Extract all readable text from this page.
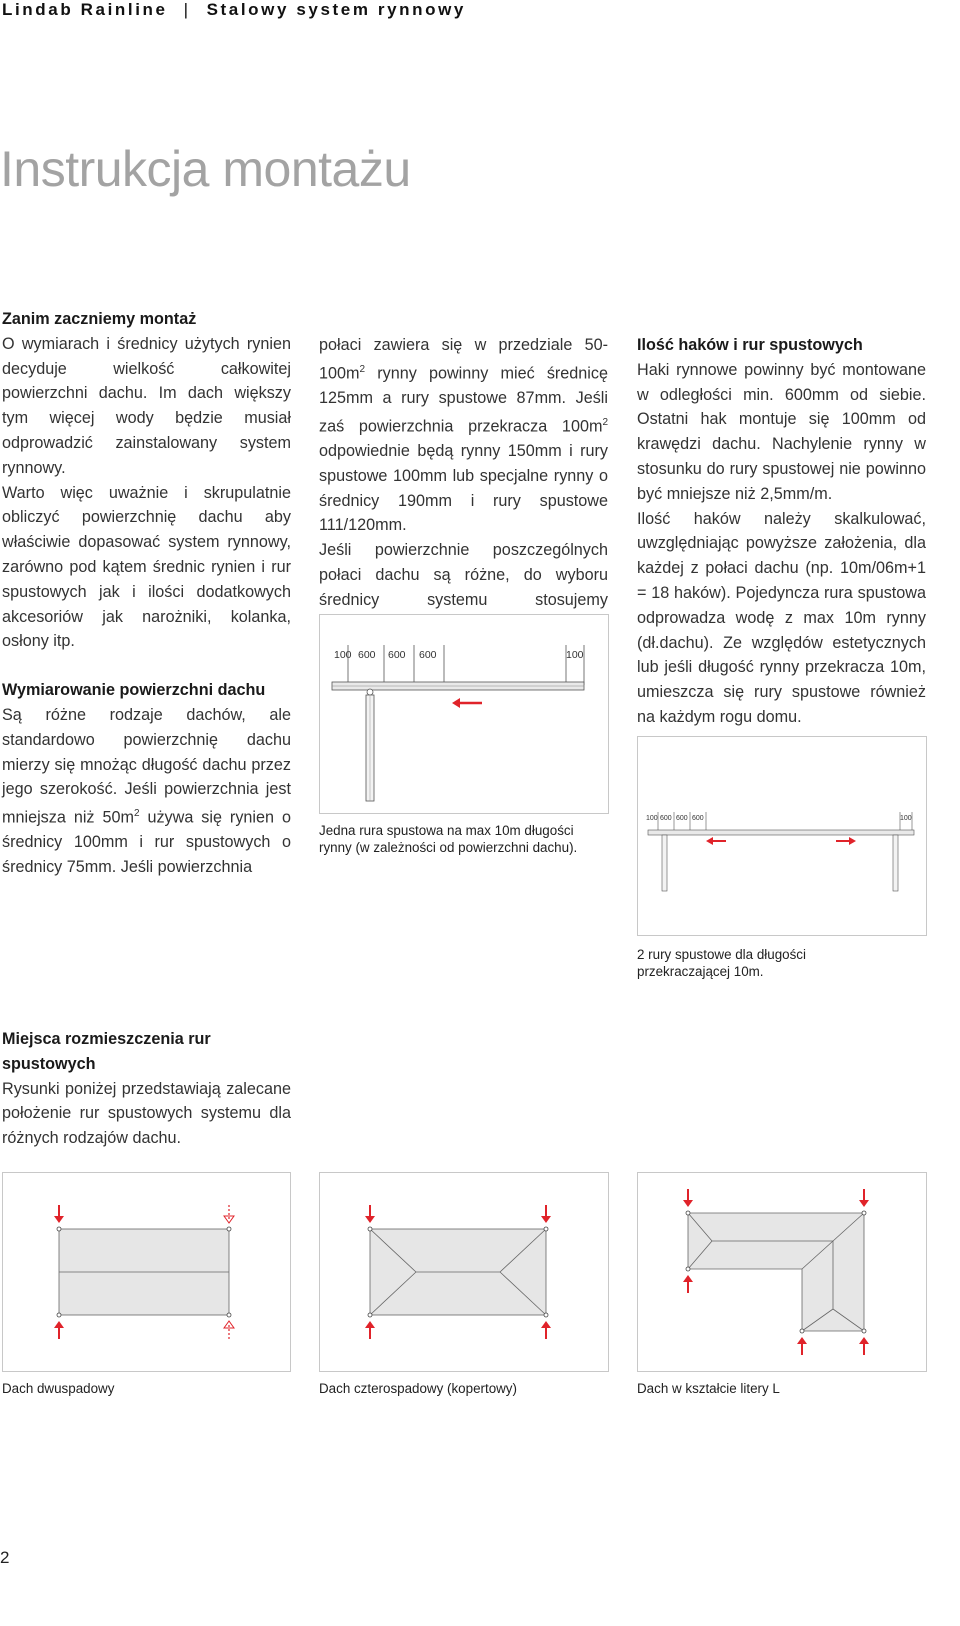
Lindab Rainline | Stalowy system rynnowy
Instrukcja montażu
Zanim zaczniemy montaż

O wymiarach i średnicy użytych rynien decyduje wielkość całkowitej powierzchni dachu. Im dach większy tym więcej wody będzie musiał odprowadzić zainstalowany system rynnowy.

Warto więc uważnie i skrupulatnie obliczyć powierzchnię dachu aby właściwie dopasować system rynnowy, zarówno pod kątem średnic rynien i rur spustowych jak i ilości dodatkowych akcesoriów jak narożniki, kolanka, osłony itp.

Wymiarowanie powierzchni dachu

Są różne rodzaje dachów, ale standardowo powierzchnię dachu mierzy się mnożąc długość dachu przez jego szerokość. Jeśli powierzchnia jest mniejsza niż $50m^2$ używa się rynien o średnicy 100mm i rur spustowych o średnicy 75mm. Jeśli powierzchnia

połaci zawiera się w przedziale $50-100m^2$ rynny powinny mieć średnicę 125mm a rury spustowe 87mm. Jeśli zaś powierzchnia przekracza $100m^2$ odpowiednie będą rynny 150mm i rury spustowe 100mm lub specjalne rynny o średnicy 190mm i rury spustowe 111/120mm.

Jeśli powierzchnie poszczególnych połaci dachu są różne, do wyboru średnicy systemu stosujemy

Ilość haków i rur spustowych

Haki rynnowe powinny być montowane w odległości min. 600mm od siebie. Ostatni hak montuje się 100mm od krawędzi dachu. Nachylenie rynny w stosunku do rury spustowej nie powinno być mniejsze niż 2,5mm/m.

Ilość haków należy skalkulować, uwzględniając powyższe założenia, dla każdej z połaci dachu (np. 10m/06m+1 = 18 haków). Pojedyncza rura spustowa odprowadza wodę z max 10m rynny (dł.dachu). Ze względów estetycznych lub jeśli długość rynny przekracza 10m, umieszcza się rury spustowe również na każdym rogu domu.

100 600 600 600	100
Jedna rura spustowa na max 10m długości rynny (w zależności od powierzchni dachu).
100 600 600 600	100
2 rury spustowe dla długości przekraczającej 10m.
Miejsca rozmieszczenia rur spustowych

Rysunki poniżej przedstawiają zalecane położenie rur spustowych systemu dla różnych rodzajów dachu.

Dach dwuspadowy	Dach czterospadowy (kopertowy)	Dach w kształcie litery L
2
